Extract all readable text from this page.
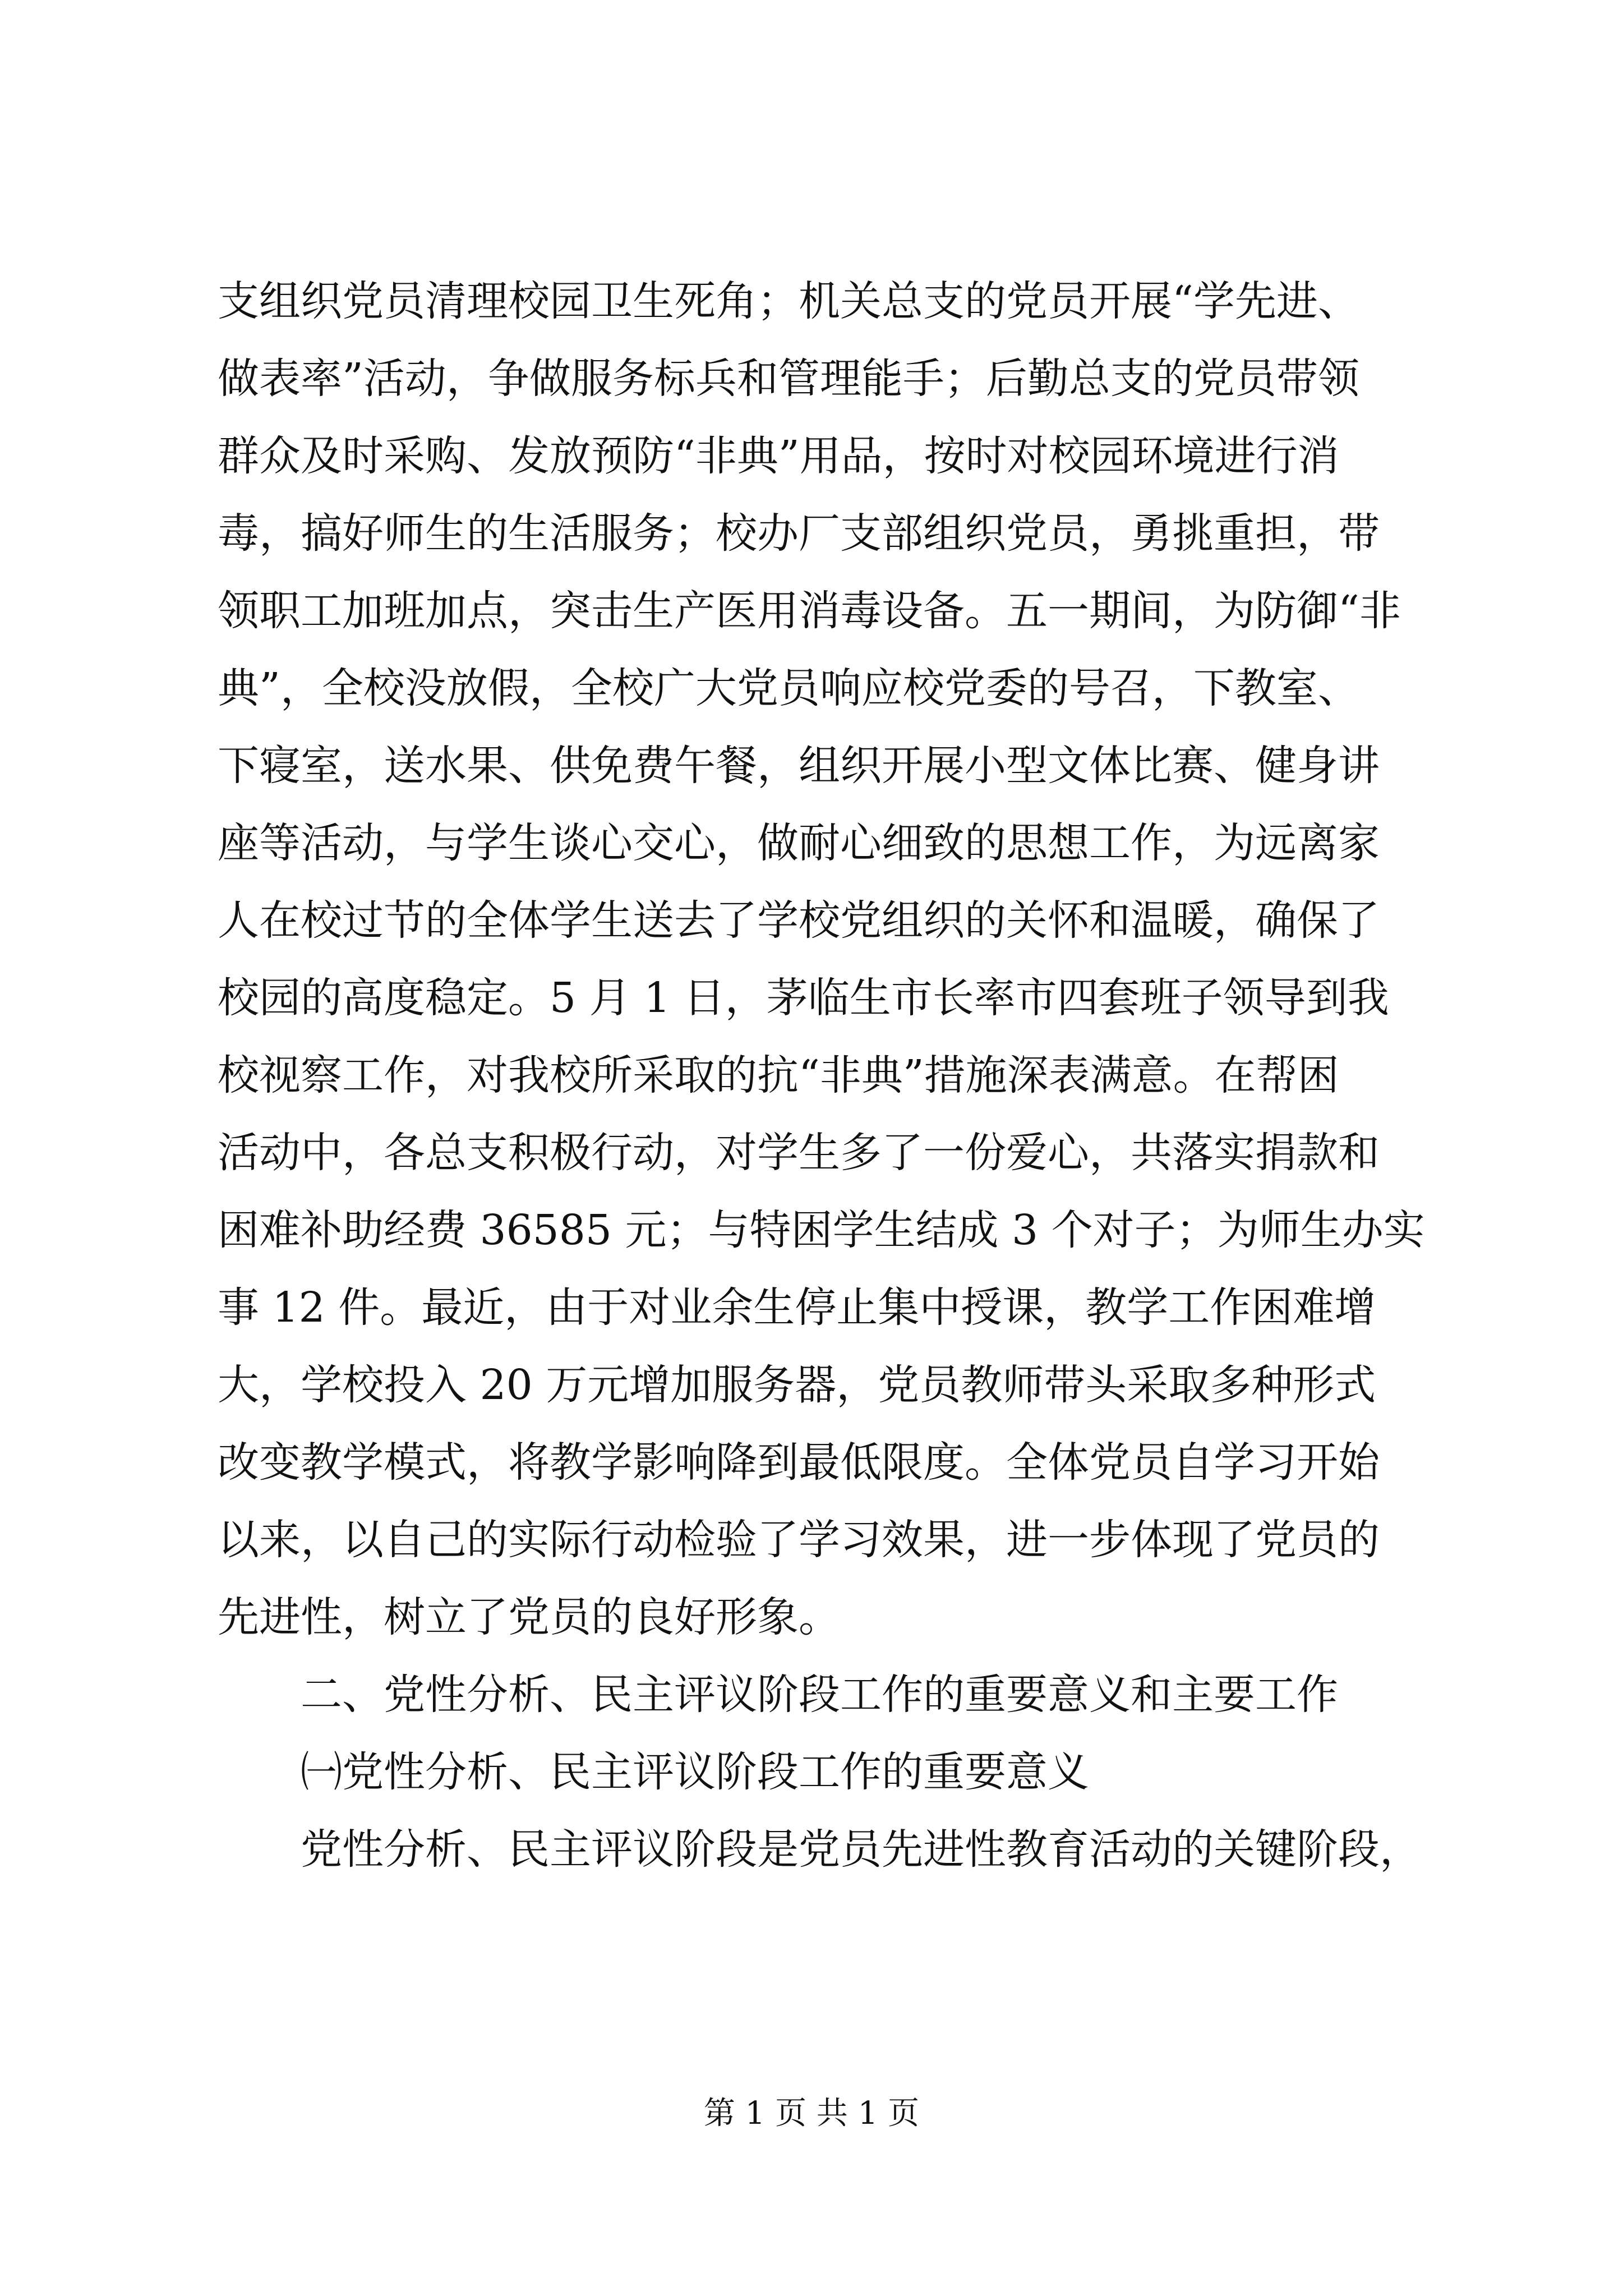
支组织党员清理校园卫生死角；机关总支的党员开展“学先进、
做表率”活动，争做服务标兵和管理能手；后勤总支的党员带领
群众及时采购、发放预防“非典”用品，按时对校园环境进行消
毒，搞好师生的生活服务；校办厂支部组织党员，勇挑重担，带
领职工加班加点，突击生产医用消毒设备。五一期间，为防御“非
典”，全校没放假，全校广大党员响应校党委的号召，下教室、
下寝室，送水果、供免费午餐，组织开展小型文体比赛、健身讲
座等活动，与学生谈心交心，做耐心细致的思想工作，为远离家
人在校过节的全体学生送去了学校党组织的关怀和温暖，确保了
校园的高度稳定。5 月 1 日，茅临生市长率市四套班子领导到我
校视察工作，对我校所采取的抗“非典”措施深表满意。在帮困
活动中，各总支积极行动，对学生多了一份爱心，共落实捐款和
困难补助经费 36585 元；与特困学生结成 3 个对子；为师生办实
事 12 件。最近，由于对业余生停止集中授课，教学工作困难增
大，学校投入 20 万元增加服务器，党员教师带头采取多种形式
改变教学模式，将教学影响降到最低限度。全体党员自学习开始
以来，以自己的实际行动检验了学习效果，进一步体现了党员的
先进性，树立了党员的良好形象。
二、党性分析、民主评议阶段工作的重要意义和主要工作
㈠党性分析、民主评议阶段工作的重要意义
党性分析、民主评议阶段是党员先进性教育活动的关键阶段，
第 1 页 共 1 页
